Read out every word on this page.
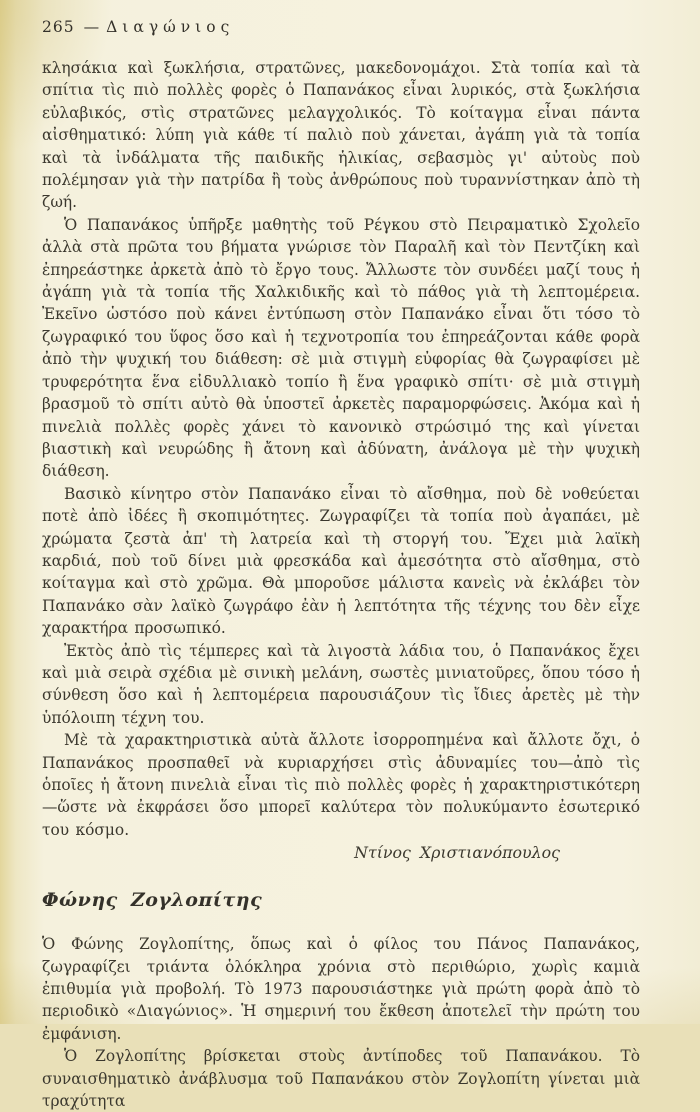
265 — Διαγώνιος

κλησάκια καὶ ξωκλήσια, στρατῶνες, μακεδονομάχοι. Στὰ τοπία καὶ τὰ σπίτια τὶς πιὸ πολλὲς φορὲς ὁ Παπανάκος εἶναι λυρικός, στὰ ξωκλήσια εὐλαβικός, στὶς στρατῶνες μελαγχολικός. Τὸ κοίταγμα εἶναι πάντα αἰσθηματικό: λύπη γιὰ κάθε τί παλιὸ ποὺ χάνεται, ἀγάπη γιὰ τὰ τοπία καὶ τὰ ἰνδάλματα τῆς παιδικῆς ἡλικίας, σεβασμὸς γι' αὐτοὺς ποὺ πολέμησαν γιὰ τὴν πατρίδα ἢ τοὺς ἀνθρώπους ποὺ τυραννίστηκαν ἀπὸ τὴ ζωή.

Ὁ Παπανάκος ὑπῆρξε μαθητὴς τοῦ Ρέγκου στὸ Πειραματικὸ Σχολεῖο ἀλλὰ στὰ πρῶτα του βήματα γνώρισε τὸν Παραλῆ καὶ τὸν Πεντζίκη καὶ ἐπηρεάστηκε ἀρκετὰ ἀπὸ τὸ ἔργο τους. Ἄλλωστε τὸν συνδέει μαζί τους ἡ ἀγάπη γιὰ τὰ τοπία τῆς Χαλκιδικῆς καὶ τὸ πάθος γιὰ τὴ λεπτομέρεια. Ἐκεῖνο ὡστόσο ποὺ κάνει ἐντύπωση στὸν Παπανάκο εἶναι ὅτι τόσο τὸ ζωγραφικό του ὕφος ὅσο καὶ ἡ τεχνοτροπία του ἐπηρεάζονται κάθε φορὰ ἀπὸ τὴν ψυχική του διάθεση: σὲ μιὰ στιγμὴ εὐφορίας θὰ ζωγραφίσει μὲ τρυφερότητα ἕνα εἰδυλλιακὸ τοπίο ἢ ἕνα γραφικὸ σπίτι· σὲ μιὰ στιγμὴ βρασμοῦ τὸ σπίτι αὐτὸ θὰ ὑποστεῖ ἀρκετὲς παραμορφώσεις. Ἀκόμα καὶ ἡ πινελιὰ πολλὲς φορὲς χάνει τὸ κανονικὸ στρώσιμό της καὶ γίνεται βιαστικὴ καὶ νευρώδης ἢ ἄτονη καὶ ἀδύνατη, ἀνάλογα μὲ τὴν ψυχικὴ διάθεση.

Βασικὸ κίνητρο στὸν Παπανάκο εἶναι τὸ αἴσθημα, ποὺ δὲ νοθεύεται ποτὲ ἀπὸ ἰδέες ἢ σκοπιμότητες. Ζωγραφίζει τὰ τοπία ποὺ ἀγαπάει, μὲ χρώματα ζεστὰ ἀπ' τὴ λατρεία καὶ τὴ στοργή του. Ἔχει μιὰ λαϊκὴ καρδιά, ποὺ τοῦ δίνει μιὰ φρεσκάδα καὶ ἀμεσότητα στὸ αἴσθημα, στὸ κοίταγμα καὶ στὸ χρῶμα. Θὰ μποροῦσε μάλιστα κανεὶς νὰ ἐκλάβει τὸν Παπανάκο σὰν λαϊκὸ ζωγράφο ἐὰν ἡ λεπτότητα τῆς τέχνης του δὲν εἶχε χαρακτήρα προσωπικό.

Ἐκτὸς ἀπὸ τὶς τέμπερες καὶ τὰ λιγοστὰ λάδια του, ὁ Παπανάκος ἔχει καὶ μιὰ σειρὰ σχέδια μὲ σινικὴ μελάνη, σωστὲς μινιατοῦρες, ὅπου τόσο ἡ σύνθεση ὅσο καὶ ἡ λεπτομέρεια παρουσιάζουν τὶς ἴδιες ἀρετὲς μὲ τὴν ὑπόλοιπη τέχνη του.

Μὲ τὰ χαρακτηριστικὰ αὐτὰ ἄλλοτε ἰσορροπημένα καὶ ἄλλοτε ὄχι, ὁ Παπανάκος προσπαθεῖ νὰ κυριαρχήσει στὶς ἀδυναμίες του—ἀπὸ τὶς ὁποῖες ἡ ἄτονη πινελιὰ εἶναι τὶς πιὸ πολλὲς φορὲς ἡ χαρακτηριστικότερη—ὥστε νὰ ἐκφράσει ὅσο μπορεῖ καλύτερα τὸν πολυκύμαντο ἐσωτερικό του κόσμο.

Ντίνος Χριστιανόπουλος

Φώνης Ζογλοπίτης

Ὁ Φώνης Ζογλοπίτης, ὅπως καὶ ὁ φίλος του Πάνος Παπανάκος, ζωγραφίζει τριάντα ὁλόκληρα χρόνια στὸ περιθώριο, χωρὶς καμιὰ ἐπιθυμία γιὰ προβολή. Τὸ 1973 παρουσιάστηκε γιὰ πρώτη φορὰ ἀπὸ τὸ περιοδικὸ «Διαγώνιος». Ἡ σημερινή του ἔκθεση ἀποτελεῖ τὴν πρώτη του ἐμφάνιση.

Ὁ Ζογλοπίτης βρίσκεται στοὺς ἀντίποδες τοῦ Παπανάκου. Τὸ συναισθηματικὸ ἀνάβλυσμα τοῦ Παπανάκου στὸν Ζογλοπίτη γίνεται μιὰ τραχύτητα
